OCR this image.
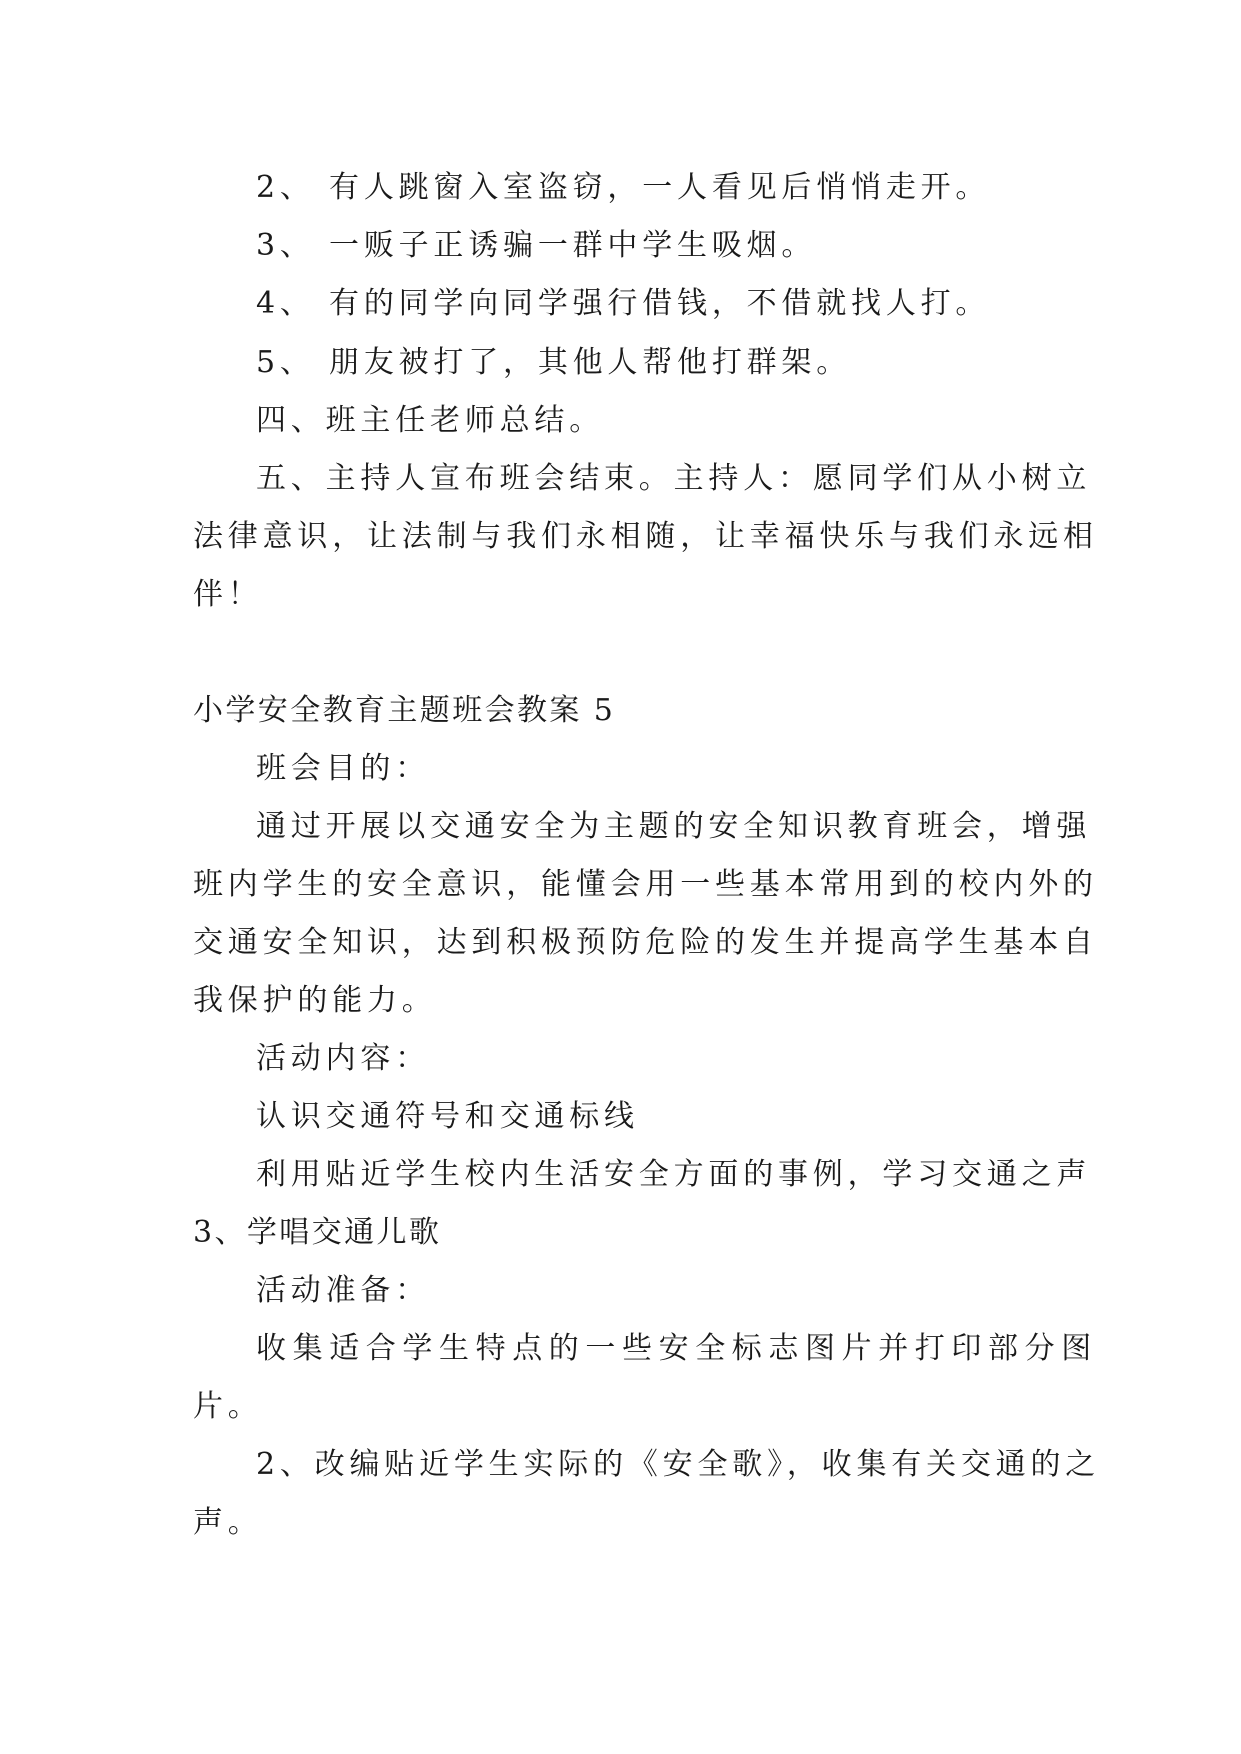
2、 有人跳窗入室盗窃，一人看见后悄悄走开。
3、 一贩子正诱骗一群中学生吸烟。
4、 有的同学向同学强行借钱，不借就找人打。
5、 朋友被打了，其他人帮他打群架。
四、班主任老师总结。
五、主持人宣布班会结束。主持人：愿同学们从小树立
法律意识，让法制与我们永相随，让幸福快乐与我们永远相
伴！
小学安全教育主题班会教案 5
班会目的：
通过开展以交通安全为主题的安全知识教育班会，增强
班内学生的安全意识，能懂会用一些基本常用到的校内外的
交通安全知识，达到积极预防危险的发生并提高学生基本自
我保护的能力。
活动内容：
认识交通符号和交通标线
利用贴近学生校内生活安全方面的事例，学习交通之声
3、学唱交通儿歌
活动准备：
收集适合学生特点的一些安全标志图片并打印部分图
片。
2、改编贴近学生实际的《安全歌》，收集有关交通的之
声。
